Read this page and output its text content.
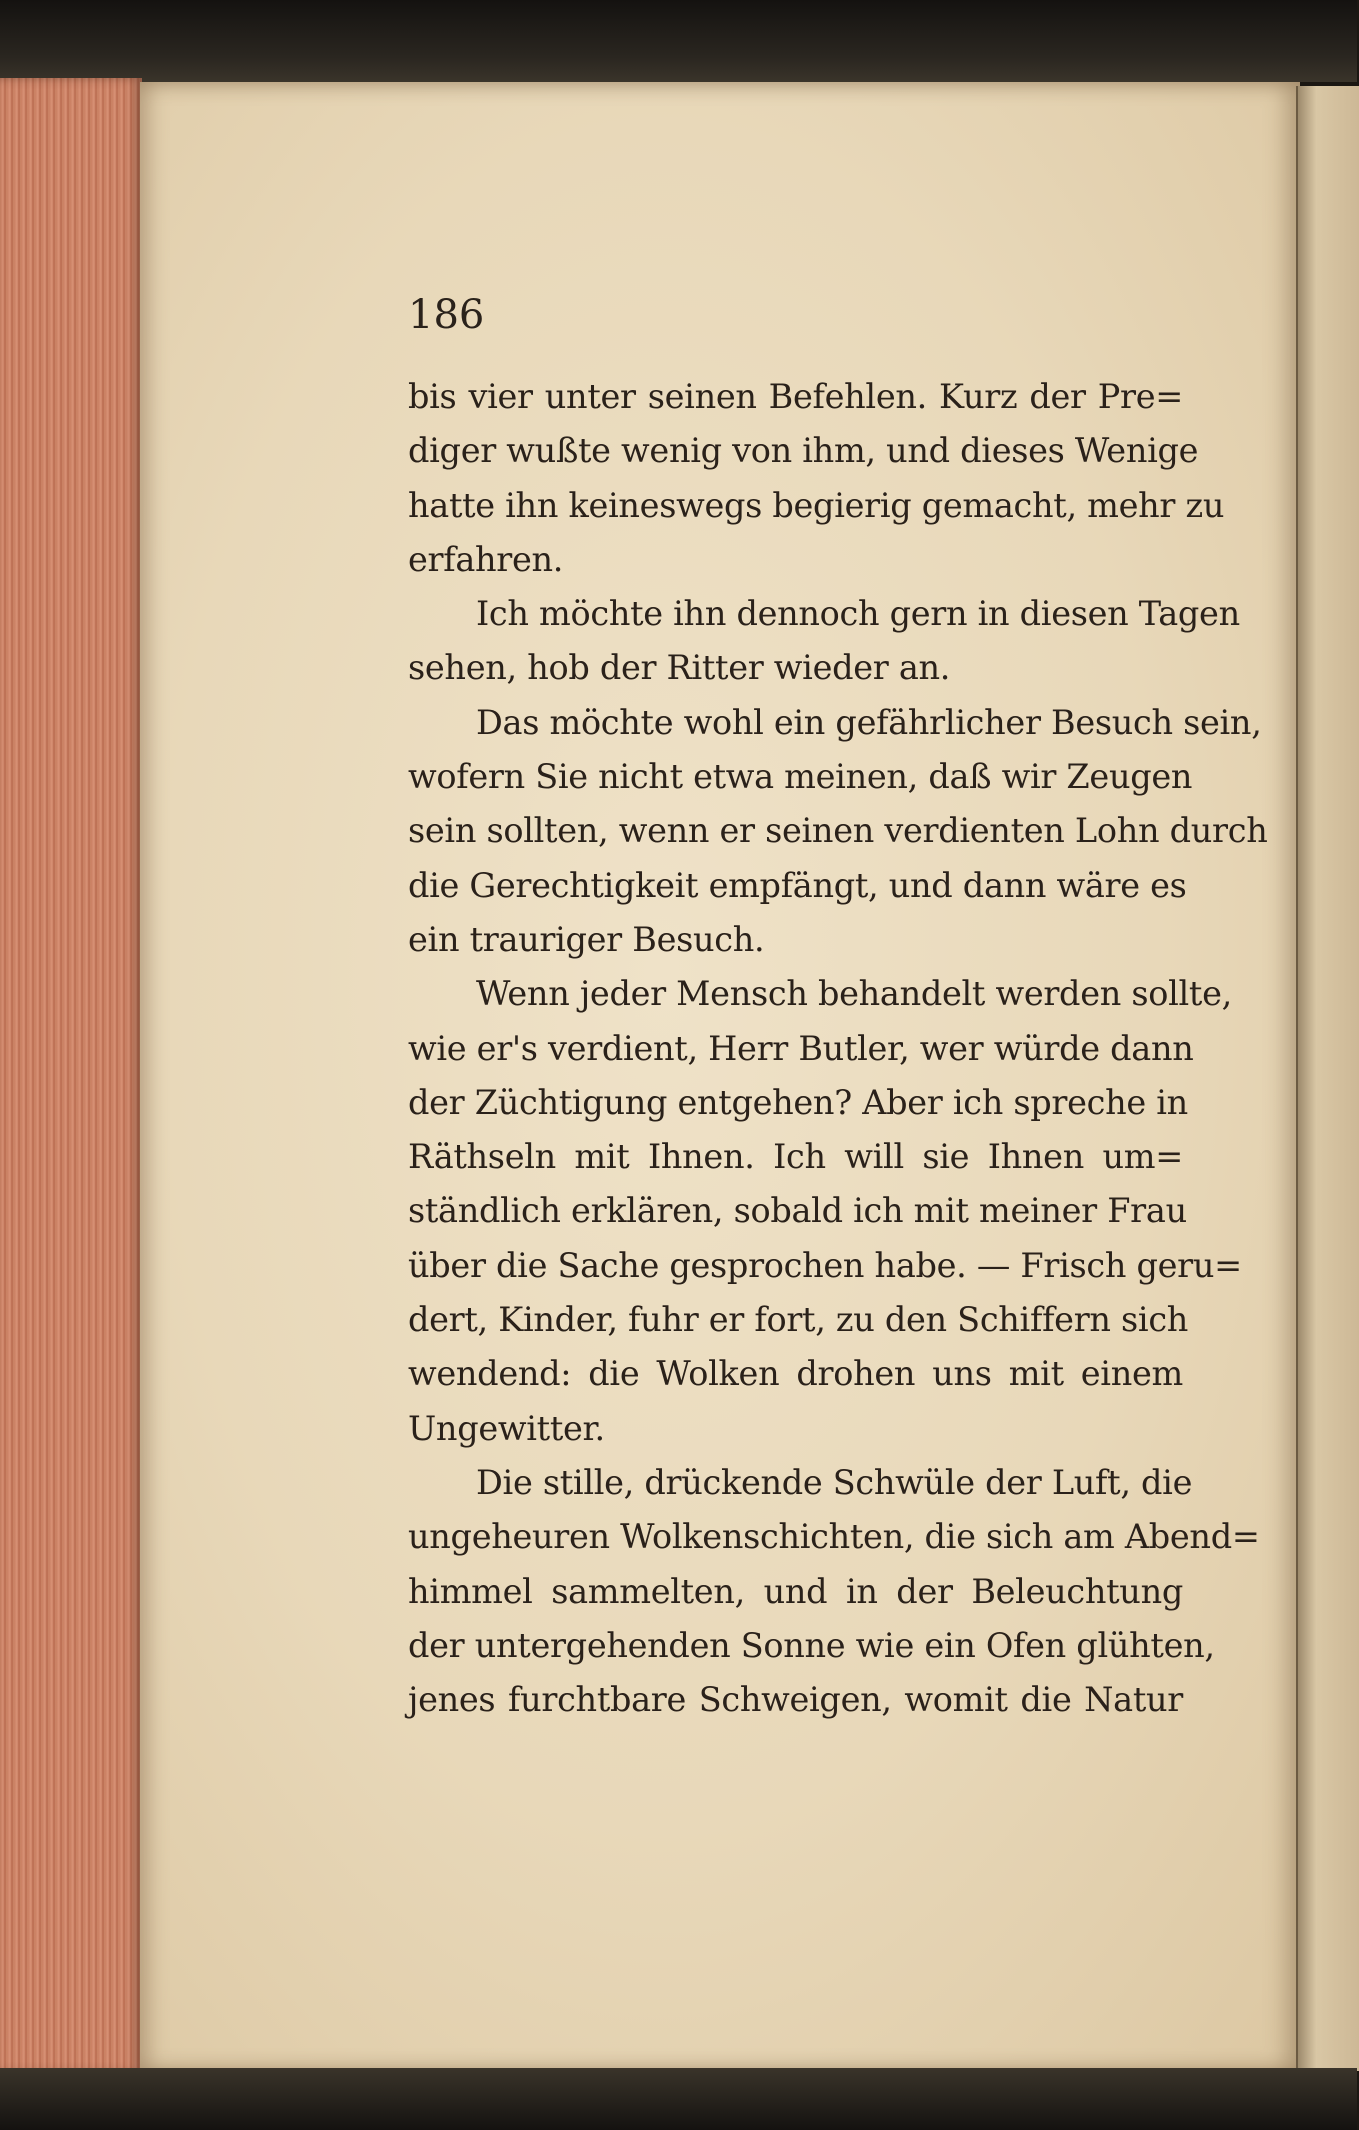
186
bis vier unter seinen Befehlen. Kurz der Pre=
diger wußte wenig von ihm, und dieses Wenige
hatte ihn keineswegs begierig gemacht, mehr zu
erfahren.
Ich möchte ihn dennoch gern in diesen Tagen
sehen, hob der Ritter wieder an.
Das möchte wohl ein gefährlicher Besuch sein,
wofern Sie nicht etwa meinen, daß wir Zeugen
sein sollten, wenn er seinen verdienten Lohn durch
die Gerechtigkeit empfängt, und dann wäre es
ein trauriger Besuch.
Wenn jeder Mensch behandelt werden sollte,
wie er's verdient, Herr Butler, wer würde dann
der Züchtigung entgehen? Aber ich spreche in
Räthseln mit Ihnen. Ich will sie Ihnen um=
ständlich erklären, sobald ich mit meiner Frau
über die Sache gesprochen habe. — Frisch geru=
dert, Kinder, fuhr er fort, zu den Schiffern sich
wendend: die Wolken drohen uns mit einem
Ungewitter.
Die stille, drückende Schwüle der Luft, die
ungeheuren Wolkenschichten, die sich am Abend=
himmel sammelten, und in der Beleuchtung
der untergehenden Sonne wie ein Ofen glühten,
jenes furchtbare Schweigen, womit die Natur
